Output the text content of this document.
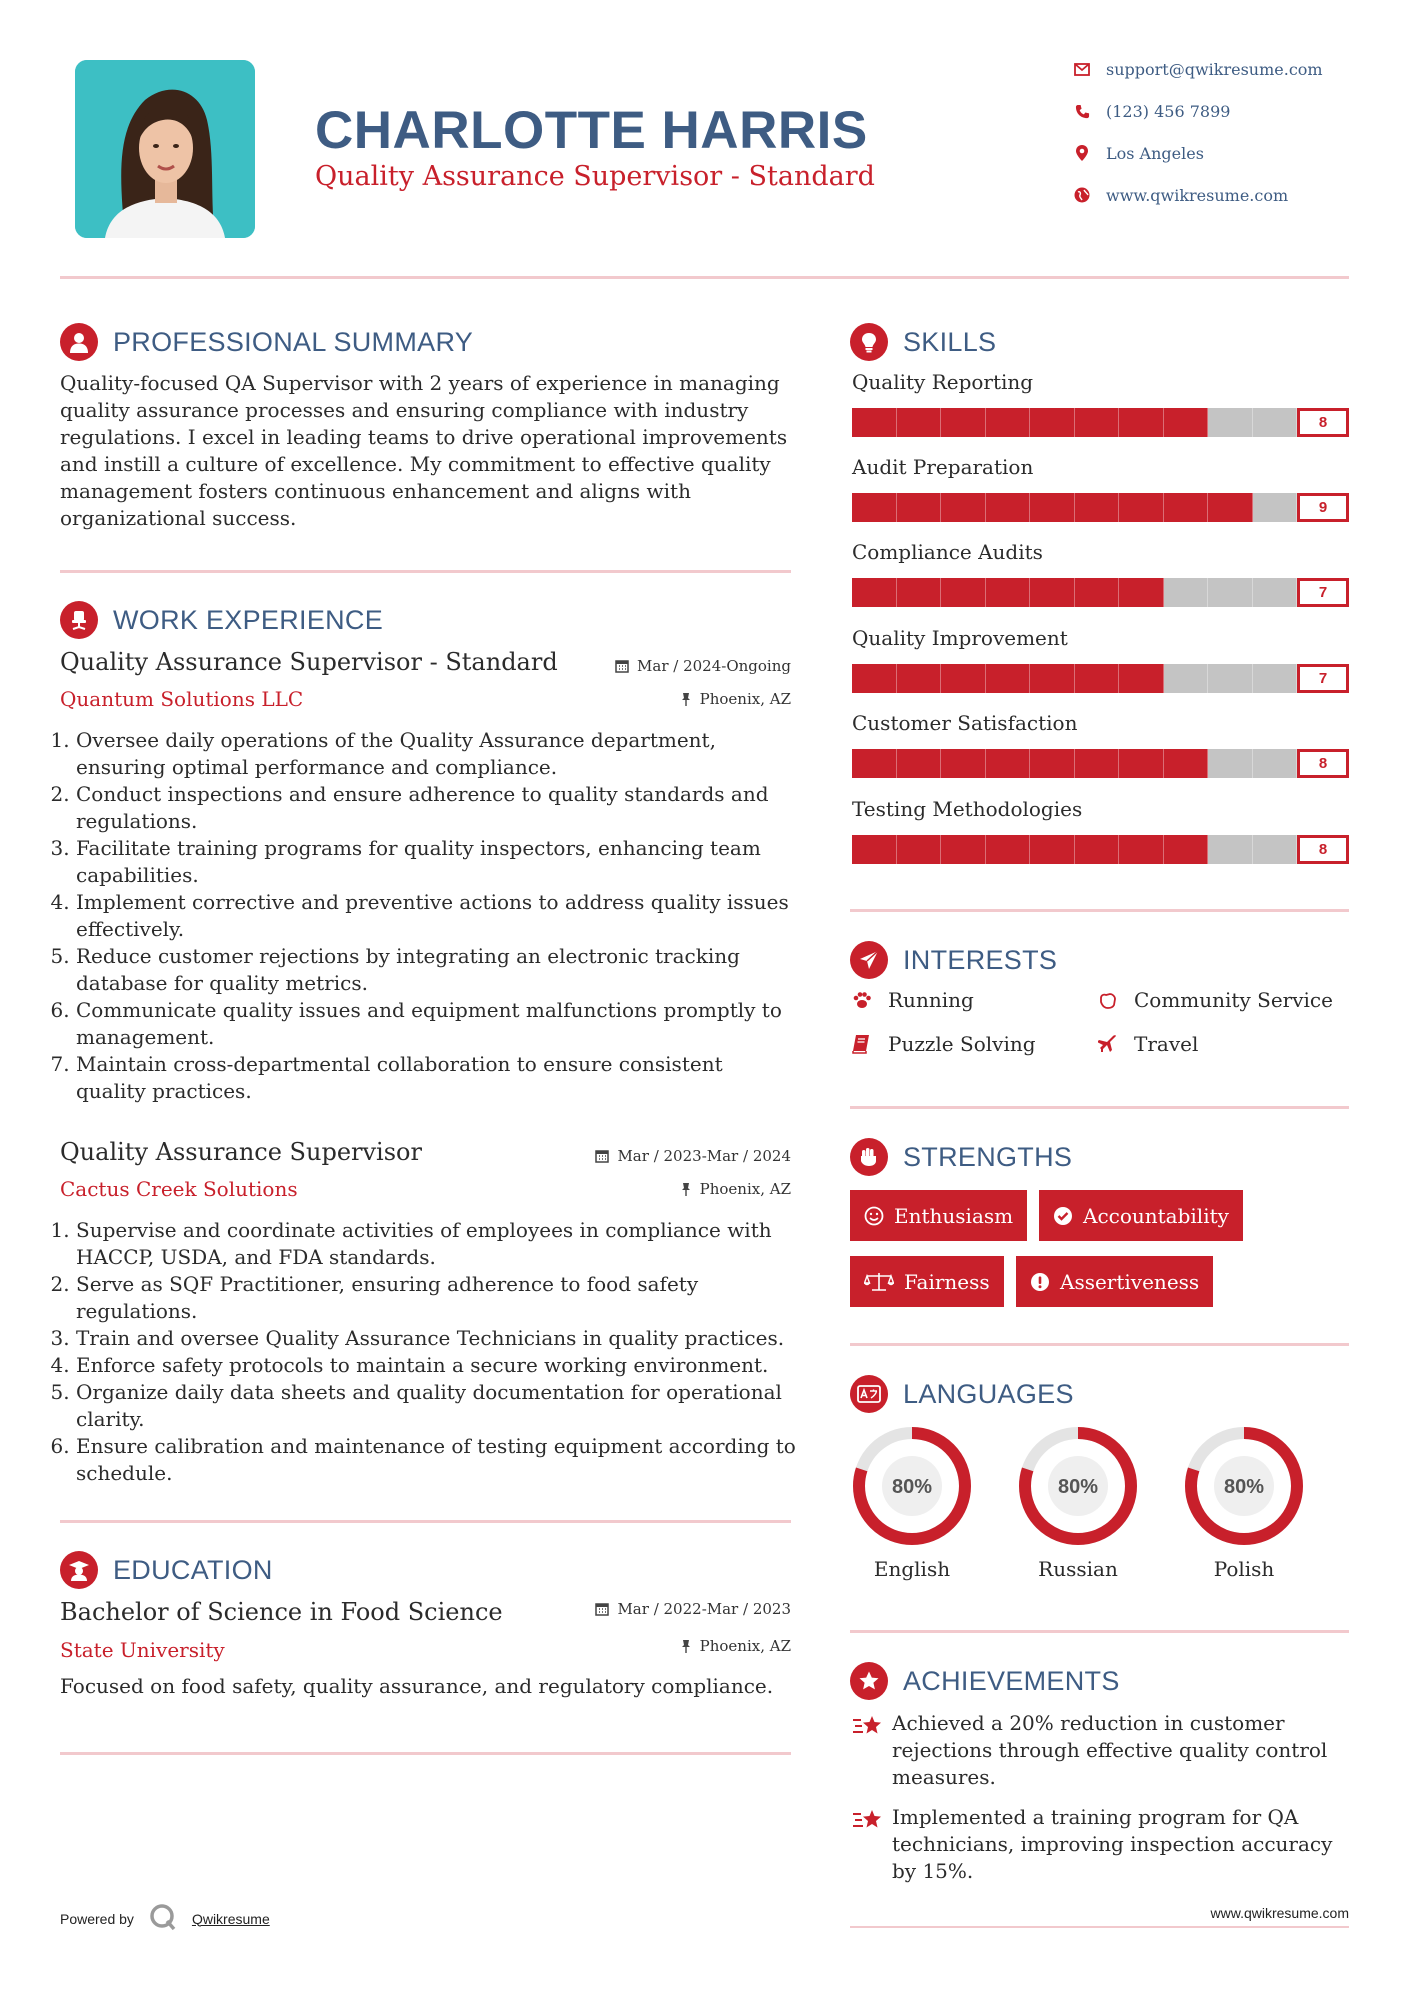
CHARLOTTE HARRIS
Quality Assurance Supervisor - Standard
support@qwikresume.com
(123) 456 7899
Los Angeles
www.qwikresume.com
PROFESSIONAL SUMMARY
Quality-focused QA Supervisor with 2 years of experience in managing quality assurance processes and ensuring compliance with industry regulations. I excel in leading teams to drive operational improvements and instill a culture of excellence. My commitment to effective quality management fosters continuous enhancement and aligns with organizational success.
WORK EXPERIENCE
Quality Assurance Supervisor - Standard	Mar / 2024-Ongoing
Quantum Solutions LLC	Phoenix, AZ
1. Oversee daily operations of the Quality Assurance department, ensuring optimal performance and compliance.
2. Conduct inspections and ensure adherence to quality standards and regulations.
3. Facilitate training programs for quality inspectors, enhancing team capabilities.
4. Implement corrective and preventive actions to address quality issues effectively.
5. Reduce customer rejections by integrating an electronic tracking database for quality metrics.
6. Communicate quality issues and equipment malfunctions promptly to management.
7. Maintain cross-departmental collaboration to ensure consistent quality practices.
Quality Assurance Supervisor	Mar / 2023-Mar / 2024
Cactus Creek Solutions	Phoenix, AZ
1. Supervise and coordinate activities of employees in compliance with HACCP, USDA, and FDA standards.
2. Serve as SQF Practitioner, ensuring adherence to food safety regulations.
3. Train and oversee Quality Assurance Technicians in quality practices.
4. Enforce safety protocols to maintain a secure working environment.
5. Organize daily data sheets and quality documentation for operational clarity.
6. Ensure calibration and maintenance of testing equipment according to schedule.
EDUCATION
Bachelor of Science in Food Science	Mar / 2022-Mar / 2023
State University	Phoenix, AZ
Focused on food safety, quality assurance, and regulatory compliance.
SKILLS
Quality Reporting
8
Audit Preparation
9
Compliance Audits
7
Quality Improvement
7
Customer Satisfaction
8
Testing Methodologies
8
INTERESTS
Running	Community Service
Puzzle Solving	Travel
STRENGTHS
Enthusiasm	Accountability
Fairness	Assertiveness
LANGUAGES
80%
English
80%
Russian
80%
Polish
ACHIEVEMENTS
Achieved a 20% reduction in customer rejections through effective quality control measures.
Implemented a training program for QA technicians, improving inspection accuracy by 15%.
Powered by	Qwikresume	www.qwikresume.com
